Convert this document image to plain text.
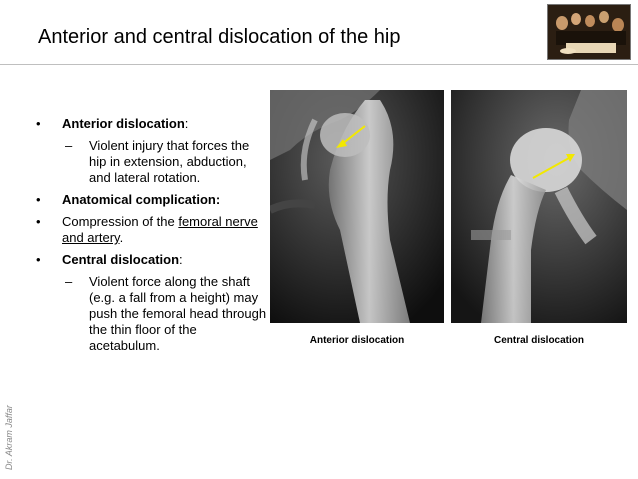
Anterior and central dislocation of the hip
• Anterior dislocation:
– Violent injury that forces the hip in extension, abduction, and lateral rotation.
• Anatomical complication:
• Compression of the femoral nerve and artery.
• Central dislocation:
– Violent force along the shaft (e.g. a fall from a height) may push the femoral head through the thin floor of the acetabulum.	Anterior dislocation	Central dislocation
Dr. Akram Jaffar
